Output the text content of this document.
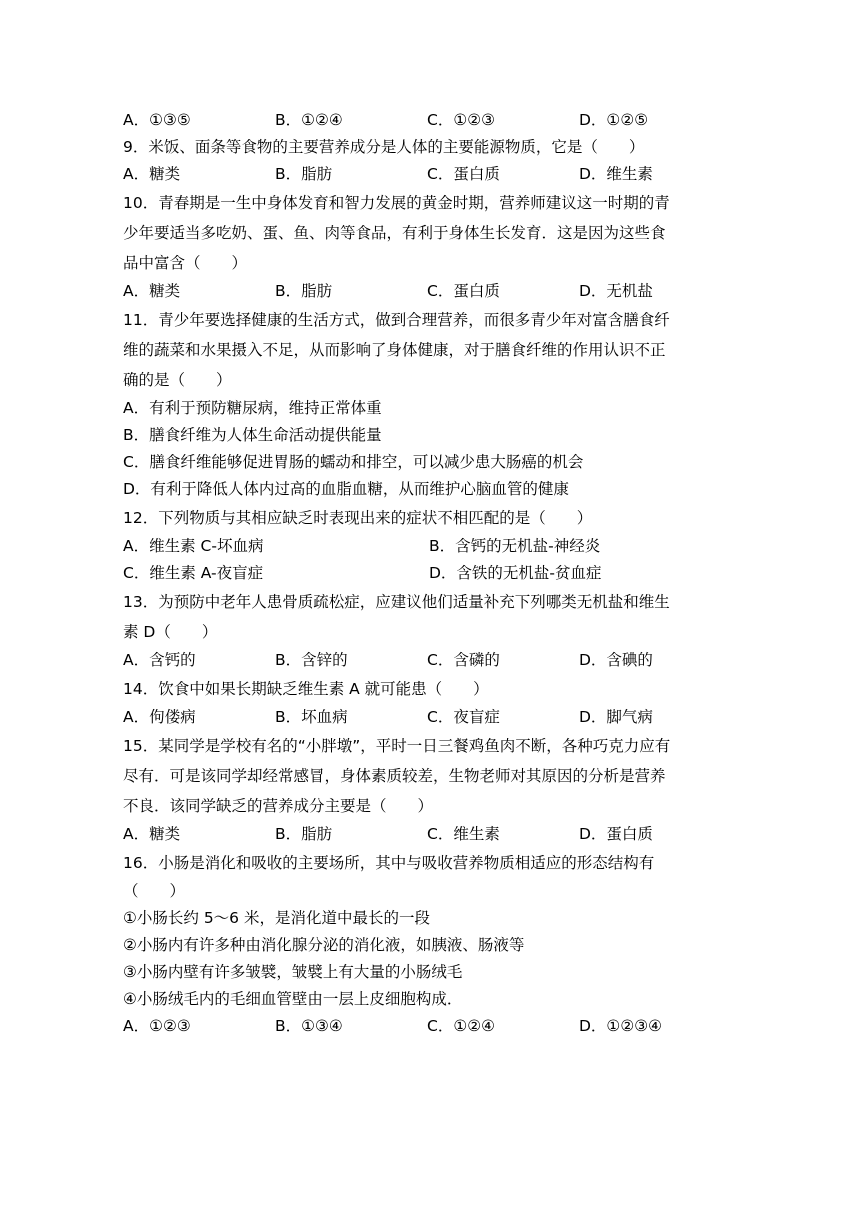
A．①③⑤	B．①②④	C．①②③	D．①②⑤
9．米饭、面条等食物的主要营养成分是人体的主要能源物质，它是（　　）
A．糖类	B．脂肪	C．蛋白质	D．维生素
10．青春期是一生中身体发育和智力发展的黄金时期，营养师建议这一时期的青
少年要适当多吃奶、蛋、鱼、肉等食品，有利于身体生长发育．这是因为这些食
品中富含（　　）
A．糖类	B．脂肪	C．蛋白质	D．无机盐
11．青少年要选择健康的生活方式，做到合理营养，而很多青少年对富含膳食纤
维的蔬菜和水果摄入不足，从而影响了身体健康，对于膳食纤维的作用认识不正
确的是（　　）
A．有利于预防糖尿病，维持正常体重
B．膳食纤维为人体生命活动提供能量
C．膳食纤维能够促进胃肠的蠕动和排空，可以减少患大肠癌的机会
D．有利于降低人体内过高的血脂血糖，从而维护心脑血管的健康
12．下列物质与其相应缺乏时表现出来的症状不相匹配的是（　　）
A．维生素 C-坏血病	B．含钙的无机盐-神经炎
C．维生素 A-夜盲症	D．含铁的无机盐-贫血症
13．为预防中老年人患骨质疏松症，应建议他们适量补充下列哪类无机盐和维生
素 D（　　）
A．含钙的	B．含锌的	C．含磷的	D．含碘的
14．饮食中如果长期缺乏维生素 A 就可能患（　　）
A．佝偻病	B．坏血病	C．夜盲症	D．脚气病
15．某同学是学校有名的“小胖墩”，平时一日三餐鸡鱼肉不断，各种巧克力应有
尽有．可是该同学却经常感冒，身体素质较差，生物老师对其原因的分析是营养
不良．该同学缺乏的营养成分主要是（　　）
A．糖类	B．脂肪	C．维生素	D．蛋白质
16．小肠是消化和吸收的主要场所，其中与吸收营养物质相适应的形态结构有
（　　）
①小肠长约 5～6 米，是消化道中最长的一段
②小肠内有许多种由消化腺分泌的消化液，如胰液、肠液等
③小肠内壁有许多皱襞，皱襞上有大量的小肠绒毛
④小肠绒毛内的毛细血管壁由一层上皮细胞构成．
A．①②③	B．①③④	C．①②④	D．①②③④
